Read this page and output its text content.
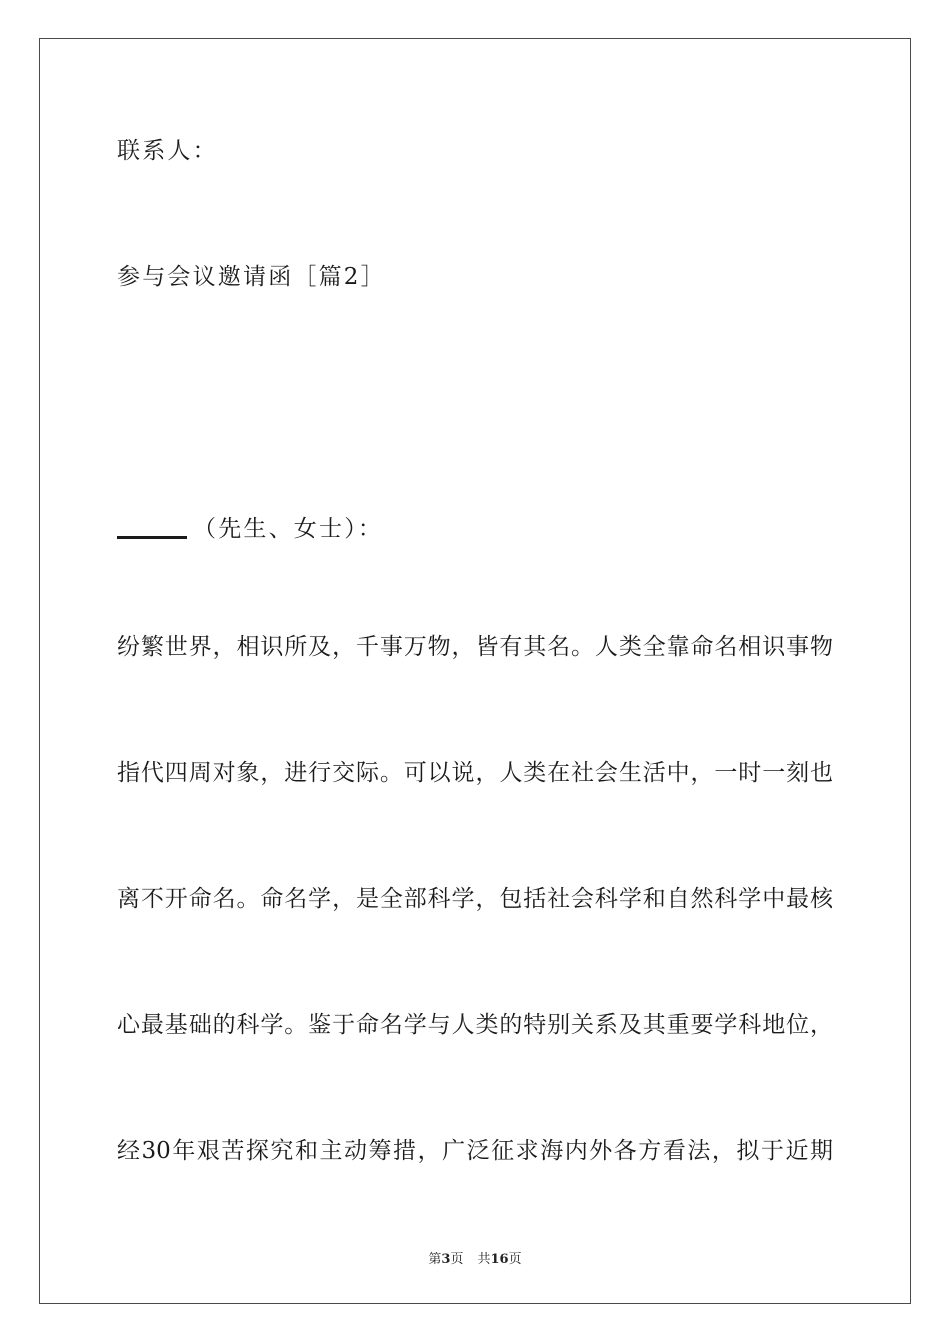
联系人：
参与会议邀请函［篇2］
（先生、女士）：
纷繁世界，相识所及，千事万物，皆有其名。人类全靠命名相识事物
指代四周对象，进行交际。可以说，人类在社会生活中，一时一刻也
离不开命名。命名学，是全部科学，包括社会科学和自然科学中最核
心最基础的科学。鉴于命名学与人类的特别关系及其重要学科地位，
经30年艰苦探究和主动筹措，广泛征求海内外各方看法，拟于近期
第3页 共16页
